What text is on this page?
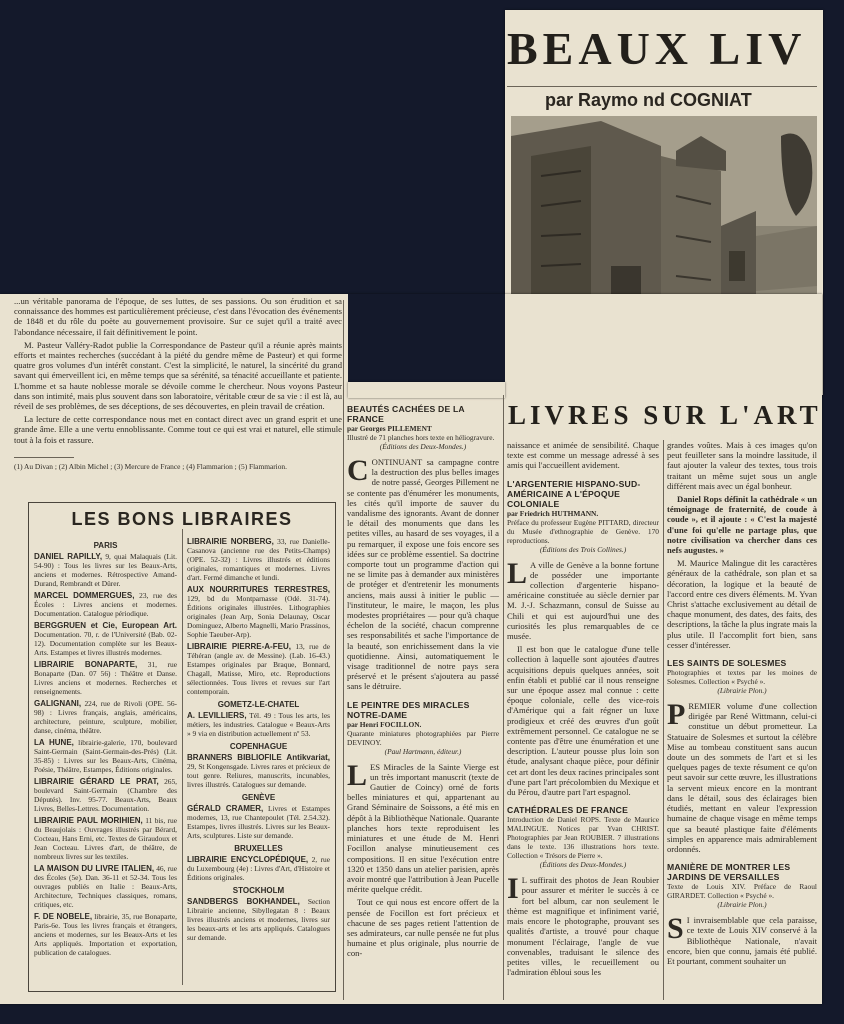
BEAUX LIV
par Raymo nd COGNIAT

...un véritable panorama de l'époque, de ses luttes, de ses passions. Ou son érudition et sa connaissance des hommes est particulièrement précieuse, c'est dans l'évocation des événements de 1848 et du rôle du poète au gouvernement provisoire. Sur ce sujet qu'il a traité avec l'abondance nécessaire, il fait définitivement le point.

M. Pasteur Valléry-Radot publie la Correspondance de Pasteur qu'il a réunie après maints efforts et maintes recherches (succédant à la piété du gendre même de Pasteur) et qui forme quatre gros volumes d'un intérêt constant. C'est la simplicité, le naturel, la sincérité du grand savant qui émerveillent ici, en même temps que sa sérénité, sa ténacité accueillante et patiente. L'homme et sa haute noblesse morale se dévoile comme le chercheur. Nous voyons Pasteur dans son intimité, mais plus souvent dans son laboratoire, véritable cœur de sa vie : il est là, au réveil de ses problèmes, de ses déceptions, de ses découvertes, en plein travail de création.

La lecture de cette correspondance nous met en contact direct avec un grand esprit et une grande âme. Elle a une vertu ennoblissante. Comme tout ce qui est vrai et naturel, elle stimule tout à la fois et rassure.

(1) Au Divan ; (2) Albin Michel ; (3) Mercure de France ; (4) Flammarion ; (5) Flammarion.
LES BONS LIBRAIRES
PARIS
DANIEL RAPILLY, 9, quai Malaquais (Lit. 54-90) : Tous les livres sur les Beaux-Arts, anciens et modernes. Rétrospective Amand-Durand, Rembrandt et Dürer.
MARCEL DOMMERGUES, 23, rue des Écoles : Livres anciens et modernes. Documentation. Catalogue périodique.
BERGGRUEN et Cie, European Art. Documentation. 70, r. de l'Université (Bab. 02-12). Documentation complète sur les Beaux-Arts. Estampes et livres illustrés modernes.
LIBRAIRIE BONAPARTE, 31, rue Bonaparte (Dan. 07 56) : Théâtre et Danse. Livres anciens et modernes. Recherches et renseignements.
GALIGNANI, 224, rue de Rivoli (OPE. 56-98) : Livres français, anglais, américains, architecture, peinture, sculpture, mobilier, danse, cinéma, théâtre.
LA HUNE, librairie-galerie, 170, boulevard Saint-Germain (Saint-Germain-des-Prés) (Lit. 35-85) : Livres sur les Beaux-Arts, Cinéma, Poésie, Théâtre, Estampes, Éditions originales.
LIBRAIRIE GÉRARD LE PRAT, 265, boulevard Saint-Germain (Chambre des Députés). Inv. 95-77. Beaux-Arts, Beaux Livres, Belles-Lettres. Documentation.
LIBRAIRIE PAUL MORIHIEN, 11 bis, rue du Beaujolais : Ouvrages illustrés par Bérard, Cocteau, Hans Erni, etc. Textes de Giraudoux et Jean Cocteau. Livres d'art, de théâtre, de nombreux livres sur les textiles.
LA MAISON DU LIVRE ITALIEN, 46, rue des Écoles (5e). Dan. 36-11 et 52-34. Tous les ouvrages publiés en Italie : Beaux-Arts, Architecture, Techniques classiques, romans, critiques, etc.
F. DE NOBELE, librairie, 35, rue Bonaparte, Paris-6e. Tous les livres français et étrangers, anciens et modernes, sur les Beaux-Arts et les Arts appliqués. Importation et exportation, publication de catalogues.
LIBRAIRIE NORBERG, 33, rue Danielle-Casanova (ancienne rue des Petits-Champs) (OPE. 52-32) : Livres illustrés et éditions originales, romantiques et modernes. Livres d'art. Fermé dimanche et lundi.
AUX NOURRITURES TERRESTRES, 129, bd du Montparnasse (Odé. 31-74). Éditions originales illustrées. Lithographies originales (Jean Arp, Sonia Delaunay, Oscar Dominguez, Alberto Magnelli, Mario Prassinos, Sophie Taeuber-Arp).
LIBRAIRIE PIERRE-A-FEU, 13, rue de Téhéran (angle av. de Messine). (Lab. 16-43.) Estampes originales par Braque, Bonnard, Chagall, Matisse, Miro, etc. Reproductions sélectionnées. Tous livres et revues sur l'art contemporain.
GOMETZ-LE-CHATEL
A. LEVILLIERS, Tél. 49 : Tous les arts, les métiers, les industries. Catalogue « Beaux-Arts » 9 via en distribution actuellement nº 53.
COPENHAGUE
BRANNERS BIBLIOFILE Antikvariat, 29, St Kongensgade. Livres rares et précieux de tout genre. Reliures, manuscrits, incunables, livres illustrés. Catalogues sur demande.
GENÈVE
GÉRALD CRAMER, Livres et Estampes modernes, 13, rue Chantepoulet (Tél. 2.54.32). Estampes, livres illustrés. Livres sur les Beaux-Arts, sculptures. Liste sur demande.
BRUXELLES
LIBRAIRIE ENCYCLOPÉDIQUE, 2, rue du Luxembourg (4e) : Livres d'Art, d'Histoire et Éditions originales.
STOCKHOLM
SANDBERGS BOKHANDEL, Section Librairie ancienne, Sibyllegatan 8 : Beaux livres illustrés anciens et modernes, livres sur les beaux-arts et les arts appliqués. Catalogues sur demande.
LIVRES SUR L'ART
BEAUTÉS CACHÉES DE LA FRANCE
par Georges PILLEMENT
Illustré de 71 planches hors texte en héliogravure.
(Éditions des Deux-Mondes.)
CONTINUANT sa campagne contre la destruction des plus belles images de notre passé, Georges Pillement ne se contente pas d'énumérer les monuments, les cités qu'il importe de sauver du vandalisme des ignorants. Avant de donner le détail des monuments que dans les petites villes, au hasard de ses voyages, il a pu remarquer, il expose une fois encore ses idées sur ce problème essentiel. Sa doctrine comporte tout un programme d'action qui ne se limite pas à demander aux ministères de protéger et d'entretenir les monuments anciens, mais aussi à initier le public — l'instituteur, le maire, le maçon, les plus modestes propriétaires — pour qu'à chaque échelon de la société, chacun comprenne ses responsabilités et sache l'importance de la beauté, son enrichissement dans la vie quotidienne. Ainsi, automatiquement le visage traditionnel de notre pays sera préservé et le présent s'ajoutera au passé sans le détruire.
LE PEINTRE DES MIRACLES NOTRE-DAME
par Henri FOCILLON.
Quarante miniatures photographiées par Pierre DEVINOY.
(Paul Hartmann, éditeur.)
LES Miracles de la Sainte Vierge est un très important manuscrit (texte de Gautier de Coincy) orné de forts belles miniatures et qui, appartenant au Grand Séminaire de Soissons, a été mis en dépôt à la Bibliothèque Nationale. Quarante planches hors texte reproduisent les miniatures et une étude de M. Henri Focillon analyse minutieusement ces compositions. Il en situe l'exécution entre 1320 et 1350 dans un atelier parisien, après avoir montré que l'attribution à Jean Pucelle mérite quelque crédit.
Tout ce qui nous est encore offert de la pensée de Focillon est fort précieux et chacune de ses pages retient l'attention de ses admirateurs, car nulle pensée ne fut plus humaine et plus originale, plus nourrie de con-
naissance et animée de sensibilité. Chaque texte est comme un message adressé à ses amis qui l'accueillent avidement.
L'ARGENTERIE HISPANO-SUD-AMÉRICAINE A L'ÉPOQUE COLONIALE
par Friedrich HUTHMANN.
Préface du professeur Eugène PITTARD, directeur du Musée d'ethnographie de Genève. 170 reproductions.
(Éditions des Trois Collines.)
L A ville de Genève a la bonne fortune de posséder une importante collection d'argenterie hispano-américaine constituée au siècle dernier par M. J.-J. Schazmann, consul de Suisse au Chili et qui est aujourd'hui une des curiosités les plus remarquables de ce musée.
Il est bon que le catalogue d'une telle collection à laquelle sont ajoutées d'autres acquisitions depuis quelques années, soit enfin établi et publié car il nous renseigne sur une époque assez mal connue : cette époque coloniale, celle des vice-rois d'Amérique qui a fait régner un luxe prodigieux et créé des œuvres d'un goût extrêmement personnel. Ce catalogue ne se contente pas d'être une énumération et une description. L'auteur pousse plus loin son étude, analysant chaque pièce, pour définir cet art dont les deux racines principales sont d'une part l'art précolombien du Mexique et du Pérou, d'autre part l'art espagnol.
CATHÉDRALES DE FRANCE
Introduction de Daniel ROPS. Texte de Maurice MALINGUE. Notices par Yvan CHRIST. Photographies par Jean ROUBIER. 7 illustrations dans le texte. 136 illustrations hors texte. Collection « Trésors de Pierre ».
(Éditions des Deux-Mondes.)
I L suffirait des photos de Jean Roubier pour assurer et mériter le succès à ce fort bel album, car non seulement le thème est magnifique et infiniment varié, mais encore le photographe, prouvant ses qualités d'artiste, a trouvé pour chaque monument l'éclairage, l'angle de vue convenables, traduisant le silence des petites villes, le recueillement ou l'admiration ébloui sous les
grandes voûtes. Mais à ces images qu'on peut feuilleter sans la moindre lassitude, il faut ajouter la valeur des textes, tous trois traitant un même sujet sous un angle différent mais avec un égal bonheur.
Daniel Rops définit la cathédrale « un témoignage de fraternité, de coude à coude », et il ajoute : « C'est la majesté d'une foi qu'elle ne partage plus, que notre civilisation va chercher dans ces nefs augustes. »
M. Maurice Malingue dit les caractères généraux de la cathédrale, son plan et sa décoration, la logique et la beauté de l'accord entre ces divers éléments. M. Yvan Christ s'attache exclusivement au détail de chaque monument, des dates, des faits, des descriptions, la tâche la plus ingrate mais la plus utile. Il l'accomplit fort bien, sans cesser d'intéresser.
LES SAINTS DE SOLESMES
Photographies et textes par les moines de Solesmes. Collection « Psyché ».
(Librairie Plon.)
PREMIER volume d'une collection dirigée par René Wittmann, celui-ci constitue un début prometteur. La Statuaire de Solesmes et surtout la célèbre Mise au tombeau constituent sans aucun doute un des sommets de l'art et si les quelques pages de texte résument ce qu'on peut savoir sur cette œuvre, les illustrations la servent mieux encore en la montrant dans le détail, sous des éclairages bien étudiés, mettant en valeur l'expression humaine de chaque visage en même temps que sa beauté plastique faite d'éléments simples en apparence mais admirablement ordonnés.
MANIÈRE DE MONTRER LES JARDINS DE VERSAILLES
Texte de Louis XIV. Préface de Raoul GIRARDET. Collection « Psyché ».
(Librairie Plon.)
S I invraisemblable que cela paraisse, ce texte de Louis XIV conservé à la Bibliothèque Nationale, n'avait encore, bien que connu, jamais été publié. Et pourtant, comment souhaiter un
